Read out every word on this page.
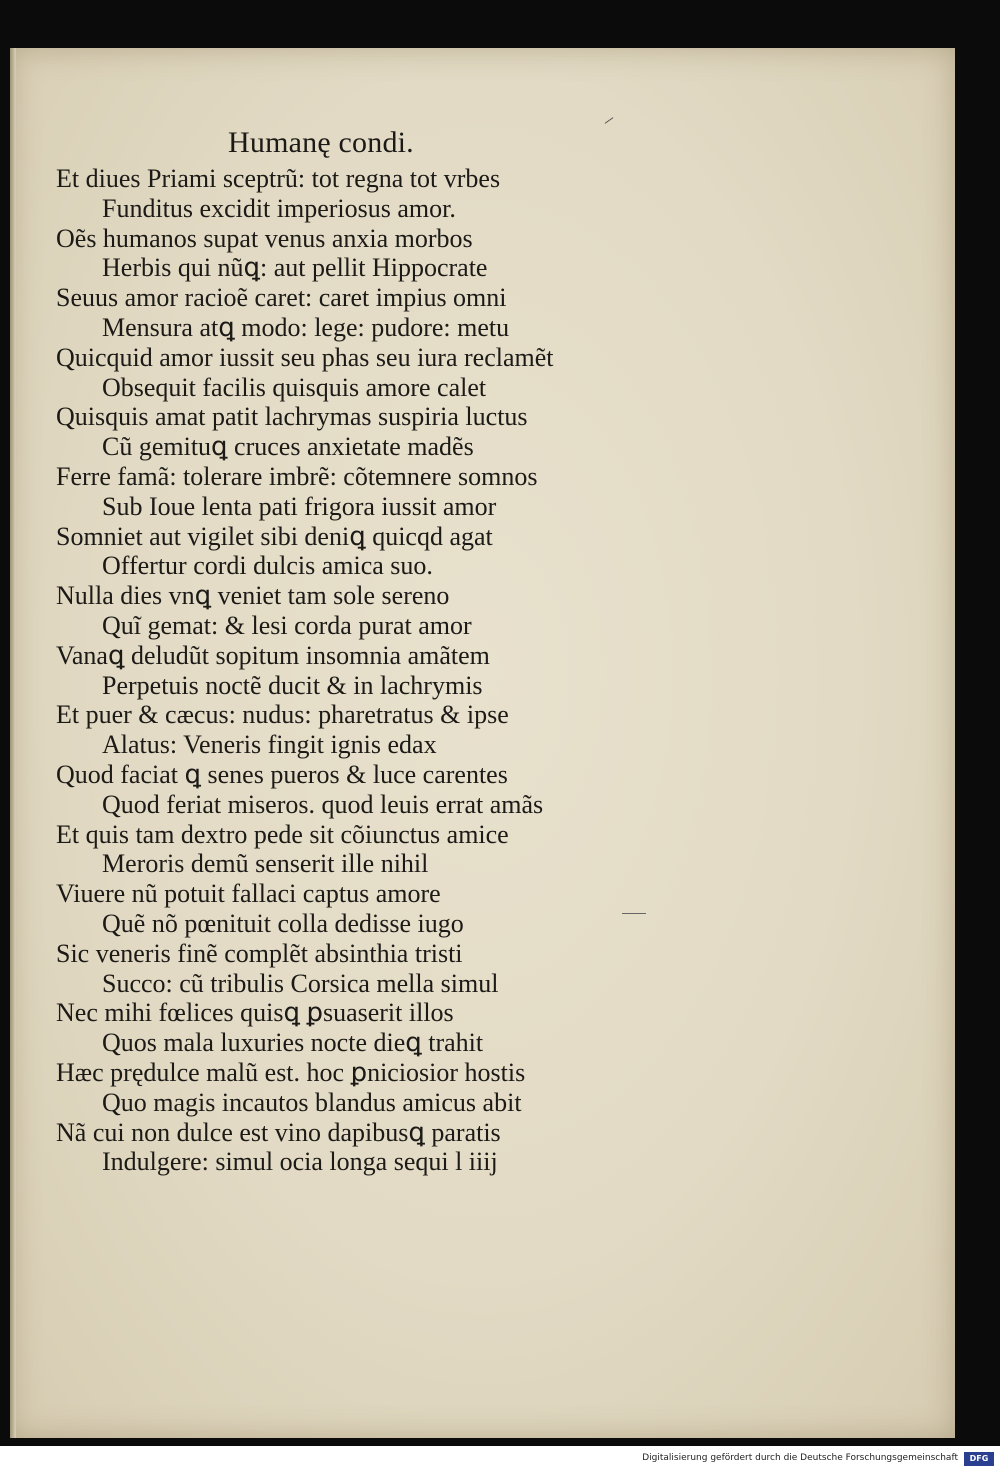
Humanę condi.
Et diues Priami sceptrũ: tot regna tot vrbes
Funditus excidit imperiosus amor.
Oẽs humanos supat venus anxia morbos
Herbis qui nũꝗ: aut pellit Hippocrate
Seuus amor racioẽ caret: caret impius omni
Mensura atꝗ modo: lege: pudore: metu
Quicquid amor iussit seu phas seu iura reclamẽt
Obsequit facilis quisquis amore calet
Quisquis amat patit lachrymas suspiria luctus
Cũ gemituꝗ cruces anxietate madẽs
Ferre famã: tolerare imbrẽ: cõtemnere somnos
Sub Ioue lenta pati frigora iussit amor
Somniet aut vigilet sibi deniꝗ quicqd agat
Offertur cordi dulcis amica suo.
Nulla dies vnꝗ veniet tam sole sereno
Quĩ gemat: & lesi corda purat amor
Vanaꝗ deludũt sopitum insomnia amãtem
Perpetuis noctẽ ducit & in lachrymis
Et puer & cæcus: nudus: pharetratus & ipse
Alatus: Veneris fingit ignis edax
Quod faciat ꝗ senes pueros & luce carentes
Quod feriat miseros. quod leuis errat amãs
Et quis tam dextro pede sit cõiunctus amice
Meroris demũ senserit ille nihil
Viuere nũ potuit fallaci captus amore
Quẽ nõ pœnituit colla dedisse iugo
Sic veneris finẽ complẽt absinthia tristi
Succo: cũ tribulis Corsica mella simul
Nec mihi fœlices quisꝗ ꝑsuaserit illos
Quos mala luxuries nocte dieꝗ trahit
Hæc prędulce malũ est. hoc ꝑniciosior hostis
Quo magis incautos blandus amicus abit
Nã cui non dulce est vino dapibusꝗ paratis
Indulgere: simul ocia longa sequi l iiij
Digitalisierung gefördert durch die Deutsche Forschungsgemeinschaft	DFG
